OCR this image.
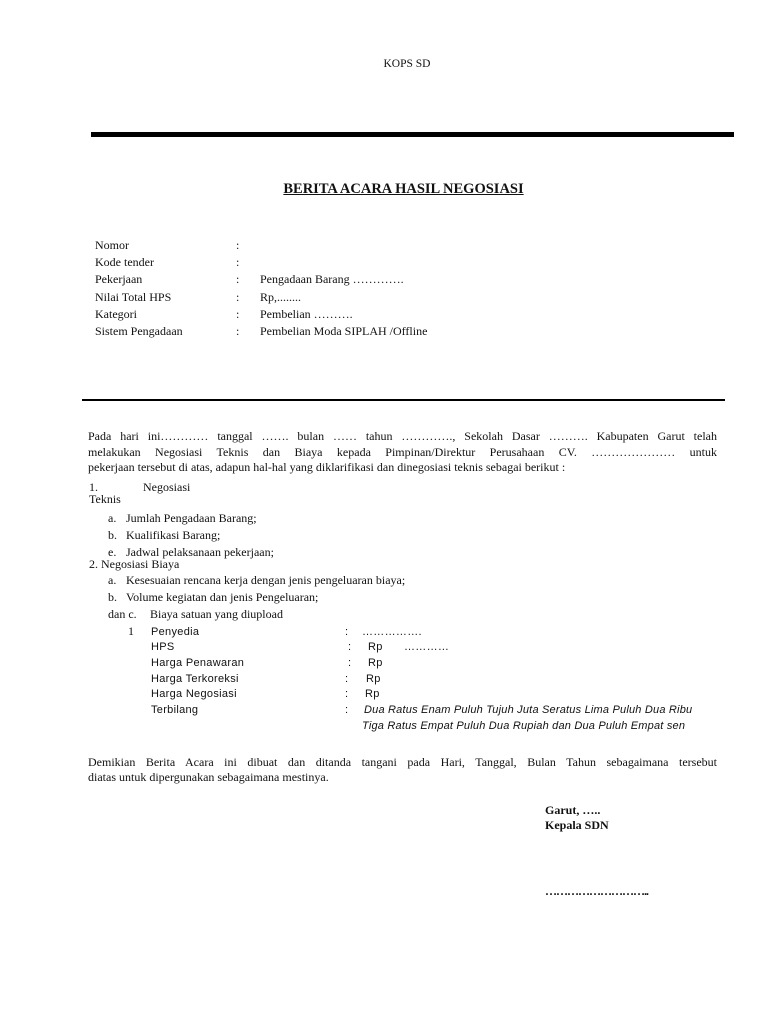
KOPS SD
BERITA ACARA HASIL NEGOSIASI
Nomor	:
Kode tender	:
Pekerjaan	: Pengadaan Barang ………….
Nilai Total HPS	: Rp,........
Kategori	: Pembelian ……….
Sistem Pengadaan	: Pembelian Moda SIPLAH /Offline
Pada hari ini………… tanggal ……. bulan …… tahun …………., Sekolah Dasar ………. Kabupaten Garut telah
melakukan Negosiasi Teknis dan Biaya kepada Pimpinan/Direktur Perusahaan CV. ………………… untuk
pekerjaan tersebut di atas, adapun hal-hal yang diklarifikasi dan dinegosiasi teknis sebagai berikut :
1.	Negosiasi
Teknis
a. Jumlah Pengadaan Barang;
b. Kualifikasi Barang;
e. Jadwal pelaksanaan pekerjaan;
2. Negosiasi Biaya
a. Kesesuaian rencana kerja dengan jenis pengeluaran biaya;
b. Volume kegiatan dan jenis Pengeluaran;
dan c. Biaya satuan yang diupload
1 Penyedia	: …………….
HPS	: Rp …………
Harga Penawaran	: Rp
Harga Terkoreksi	: Rp
Harga Negosiasi	: Rp
Terbilang	: Dua Ratus Enam Puluh Tujuh Juta Seratus Lima Puluh Dua Ribu
Tiga Ratus Empat Puluh Dua Rupiah dan Dua Puluh Empat sen
Demikian Berita Acara ini dibuat dan ditanda tangani pada Hari, Tanggal, Bulan Tahun sebagaimana tersebut
diatas untuk dipergunakan sebagaimana mestinya.
Garut, …..
Kepala SDN
………………………..
